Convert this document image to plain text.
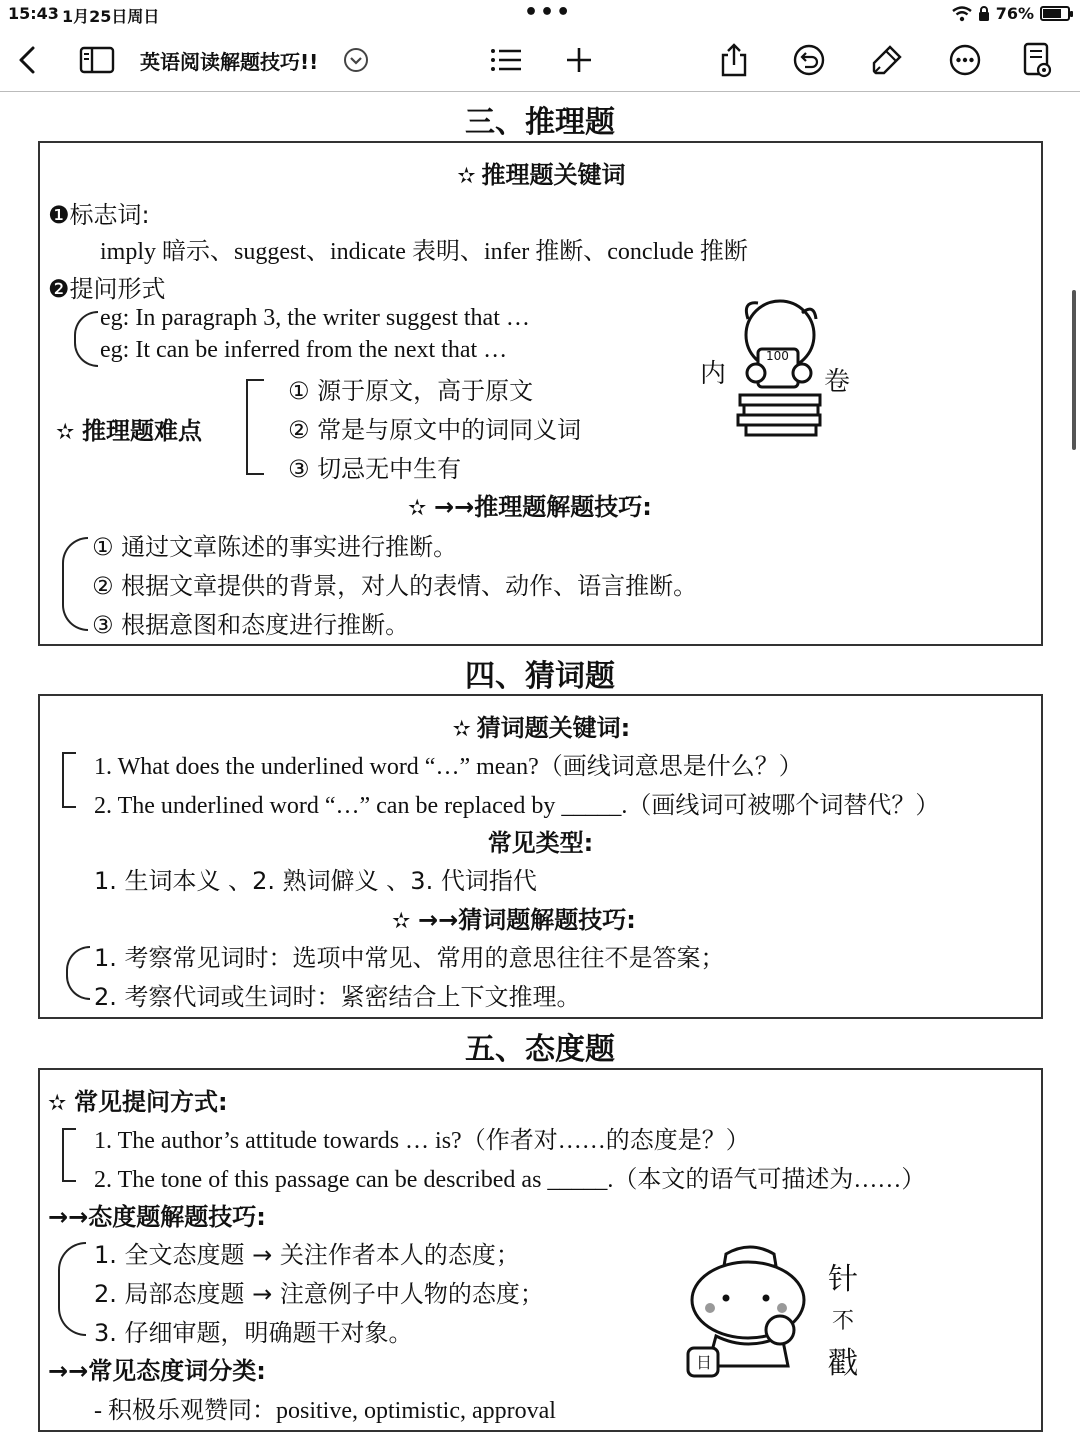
15:43 1月25日周日	•••	76%
英语阅读解题技巧!!
三、推理题
✫ 推理题关键词
❶标志词:
imply 暗示、suggest、indicate 表明、infer 推断、conclude 推断
❷提问形式
eg: In paragraph 3, the writer suggest that …
eg: It can be inferred from the next that …
✫ 推理题难点
① 源于原文，高于原文
② 常是与原文中的词同义词
③ 切忌无中生有
100
内	卷
✫ →→推理题解题技巧:
① 通过文章陈述的事实进行推断。
② 根据文章提供的背景，对人的表情、动作、语言推断。
③ 根据意图和态度进行推断。
四、猜词题
✫ 猜词题关键词:
1. What does the underlined word “…” mean?（画线词意思是什么？）
2. The underlined word “…” can be replaced by _____.（画线词可被哪个词替代？）
常见类型:
1. 生词本义 、2. 熟词僻义 、3. 代词指代
✫ →→猜词题解题技巧:
1. 考察常见词时：选项中常见、常用的意思往往不是答案；
2. 考察代词或生词时：紧密结合上下文推理。
五、态度题
✫ 常见提问方式:
1. The author’s attitude towards … is?（作者对……的态度是？）
2. The tone of this passage can be described as _____.（本文的语气可描述为……）
→→态度题解题技巧:
1. 全文态度题 → 关注作者本人的态度；
2. 局部态度题 → 注意例子中人物的态度；
3. 仔细审题，明确题干对象。
→→常见态度词分类:
- 积极乐观赞同：positive, optimistic, approval
日
针
不
戳
